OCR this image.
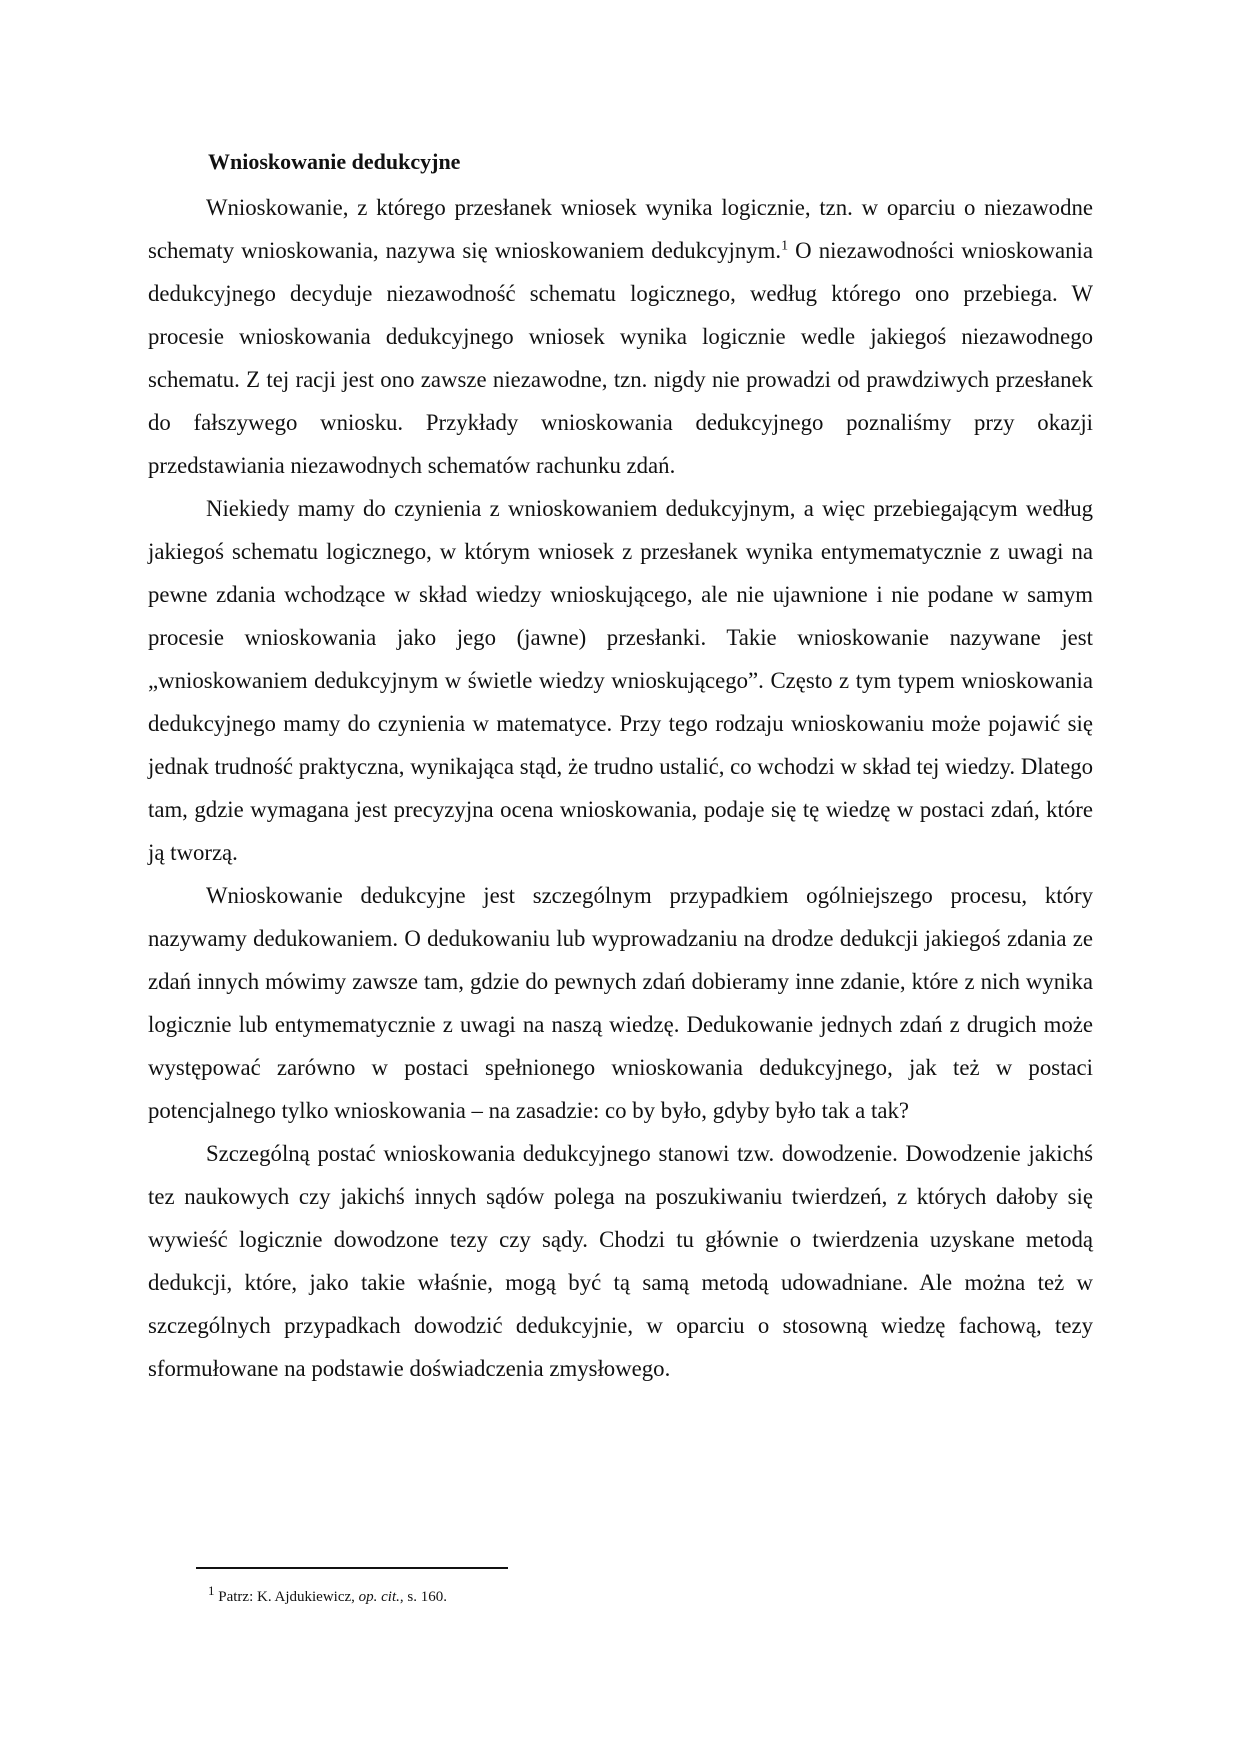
Wnioskowanie dedukcyjne

Wnioskowanie, z którego przesłanek wniosek wynika logicznie, tzn. w oparciu o niezawodne schematy wnioskowania, nazywa się wnioskowaniem dedukcyjnym.$^1$ O niezawodności wnioskowania dedukcyjnego decyduje niezawodność schematu logicznego, według którego ono przebiega. W procesie wnioskowania dedukcyjnego wniosek wynika logicznie wedle jakiegoś niezawodnego schematu. Z tej racji jest ono zawsze niezawodne, tzn. nigdy nie prowadzi od prawdziwych przesłanek do fałszywego wniosku. Przykłady wnioskowania dedukcyjnego poznaliśmy przy okazji przedstawiania niezawodnych schematów rachunku zdań.

Niekiedy mamy do czynienia z wnioskowaniem dedukcyjnym, a więc przebiegającym według jakiegoś schematu logicznego, w którym wniosek z przesłanek wynika entymematycznie z uwagi na pewne zdania wchodzące w skład wiedzy wnioskującego, ale nie ujawnione i nie podane w samym procesie wnioskowania jako jego (jawne) przesłanki. Takie wnioskowanie nazywane jest „wnioskowaniem dedukcyjnym w świetle wiedzy wnioskującego”. Często z tym typem wnioskowania dedukcyjnego mamy do czynienia w matematyce. Przy tego rodzaju wnioskowaniu może pojawić się jednak trudność praktyczna, wynikająca stąd, że trudno ustalić, co wchodzi w skład tej wiedzy. Dlatego tam, gdzie wymagana jest precyzyjna ocena wnioskowania, podaje się tę wiedzę w postaci zdań, które ją tworzą.

Wnioskowanie dedukcyjne jest szczególnym przypadkiem ogólniejszego procesu, który nazywamy dedukowaniem. O dedukowaniu lub wyprowadzaniu na drodze dedukcji jakiegoś zdania ze zdań innych mówimy zawsze tam, gdzie do pewnych zdań dobieramy inne zdanie, które z nich wynika logicznie lub entymematycznie z uwagi na naszą wiedzę. Dedukowanie jednych zdań z drugich może występować zarówno w postaci spełnionego wnioskowania dedukcyjnego, jak też w postaci potencjalnego tylko wnioskowania – na zasadzie: co by było, gdyby było tak a tak?

Szczególną postać wnioskowania dedukcyjnego stanowi tzw. dowodzenie. Dowodzenie jakichś tez naukowych czy jakichś innych sądów polega na poszukiwaniu twierdzeń, z których dałoby się wywieść logicznie dowodzone tezy czy sądy. Chodzi tu głównie o twierdzenia uzyskane metodą dedukcji, które, jako takie właśnie, mogą być tą samą metodą udowadniane. Ale można też w szczególnych przypadkach dowodzić dedukcyjnie, w oparciu o stosowną wiedzę fachową, tezy sformułowane na podstawie doświadczenia zmysłowego.

$^1$ Patrz: K. Ajdukiewicz, op. cit., s. 160.
